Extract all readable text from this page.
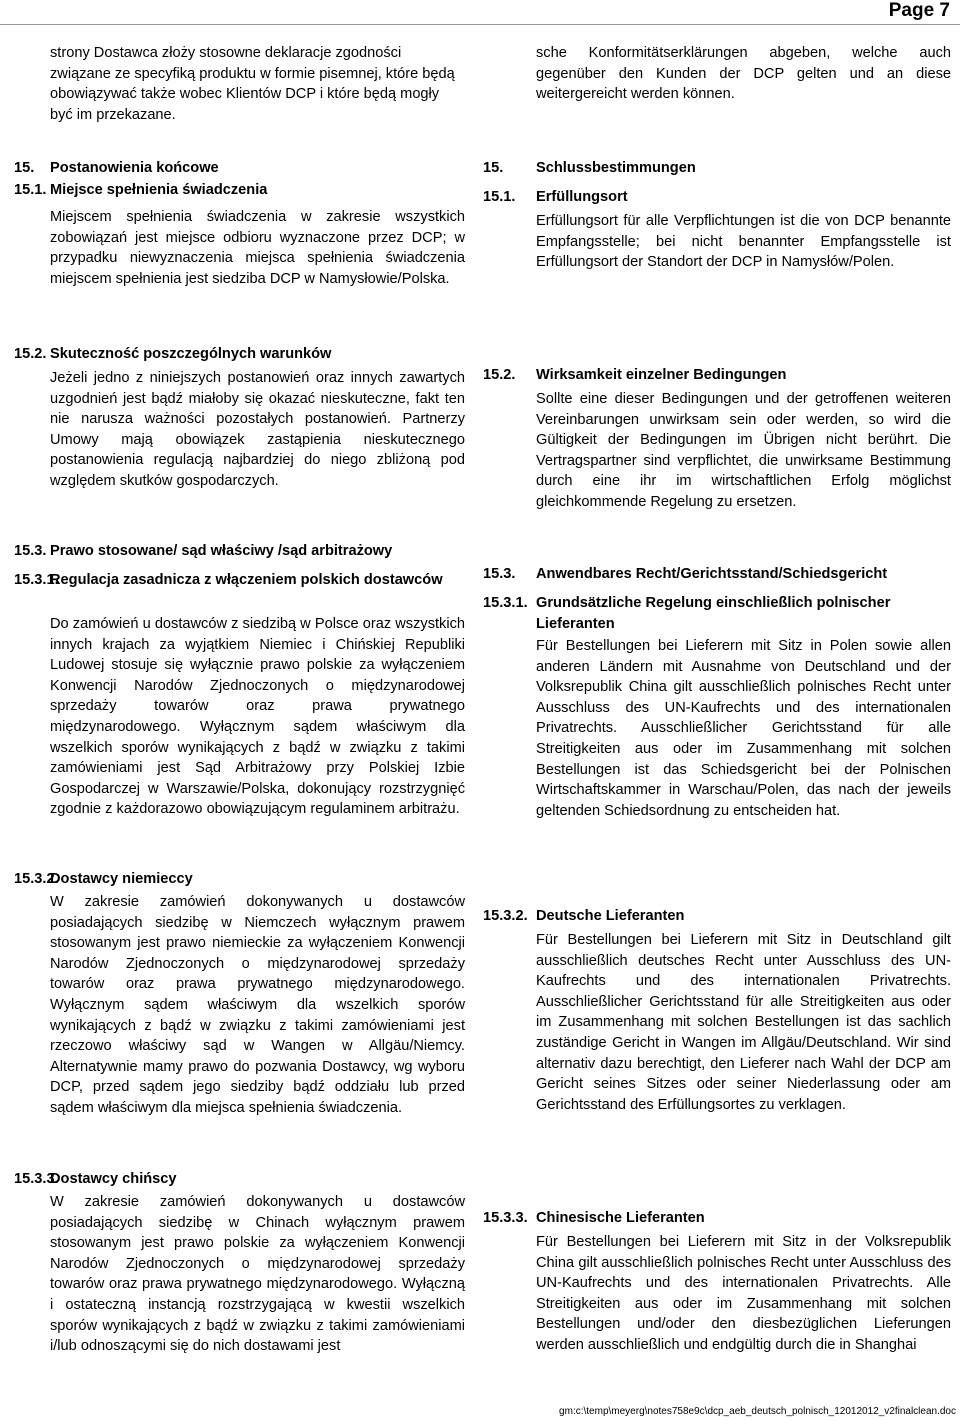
Page 7

strony Dostawca złoży stosowne deklaracje zgodności związane ze specyfiką produktu w formie pisemnej, które będą obowiązywać także wobec Klientów DCP i które będą mogły być im przekazane.

sche Konformitätserklärungen abgeben, welche auch gegenüber den Kunden der DCP gelten und an diese weitergereicht werden können.

15. Postanowienia końcowe	15. Schlussbestimmungen

15.1. Miejsce spełnienia świadczenia

Miejscem spełnienia świadczenia w zakresie wszystkich zobowiązań jest miejsce odbioru wyznaczone przez DCP; w przypadku niewyznaczenia miejsca spełnienia świadczenia miejscem spełnienia jest siedziba DCP w Namysłowie/Polska.

15.1. Erfüllungsort

Erfüllungsort für alle Verpflichtungen ist die von DCP benannte Empfangsstelle; bei nicht benannter Empfangsstelle ist Erfüllungsort der Standort der DCP in Namysłów/Polen.

15.2. Skuteczność poszczególnych warunków

Jeżeli jedno z niniejszych postanowień oraz innych zawartych uzgodnień jest bądź miałoby się okazać nieskuteczne, fakt ten nie narusza ważności pozostałych postanowień. Partnerzy Umowy mają obowiązek zastąpienia nieskutecznego postanowienia regulacją najbardziej do niego zbliżoną pod względem skutków gospodarczych.

15.2. Wirksamkeit einzelner Bedingungen

Sollte eine dieser Bedingungen und der getroffenen weiteren Vereinbarungen unwirksam sein oder werden, so wird die Gültigkeit der Bedingungen im Übrigen nicht berührt. Die Vertragspartner sind verpflichtet, die unwirksame Bestimmung durch eine ihr im wirtschaftlichen Erfolg möglichst gleichkommende Regelung zu ersetzen.

15.3. Prawo stosowane/ sąd właściwy /sąd arbitrażowy

15.3. Anwendbares Recht/Gerichtsstand/Schiedsgericht

15.3.1.

Regulacja zasadnicza z włączeniem polskich dostawców

Do zamówień u dostawców z siedzibą w Polsce oraz wszystkich innych krajach za wyjątkiem Niemiec i Chińskiej Republiki Ludowej stosuje się wyłącznie prawo polskie za wyłączeniem Konwencji Narodów Zjednoczonych o międzynarodowej sprzedaży towarów oraz prawa prywatnego międzynarodowego. Wyłącznym sądem właściwym dla wszelkich sporów wynikających z bądź w związku z takimi zamówieniami jest Sąd Arbitrażowy przy Polskiej Izbie Gospodarczej w Warszawie/Polska, dokonujący rozstrzygnięć zgodnie z każdorazowo obowiązującym regulaminem arbitrażu.

15.3.1. Grundsätzliche Regelung einschließlich polnischer Lieferanten

Für Bestellungen bei Lieferern mit Sitz in Polen sowie allen anderen Ländern mit Ausnahme von Deutschland und der Volksrepublik China gilt ausschließlich polnisches Recht unter Ausschluss des UN-Kaufrechts und des internationalen Privatrechts. Ausschließlicher Gerichtsstand für alle Streitigkeiten aus oder im Zusammenhang mit solchen Bestellungen ist das Schiedsgericht bei der Polnischen Wirtschaftskammer in Warschau/Polen, das nach der jeweils geltenden Schiedsordnung zu entscheiden hat.

15.3.2.

Dostawcy niemieccy

W zakresie zamówień dokonywanych u dostawców posiadających siedzibę w Niemczech wyłącznym prawem stosowanym jest prawo niemieckie za wyłączeniem Konwencji Narodów Zjednoczonych o międzynarodowej sprzedaży towarów oraz prawa prywatnego międzynarodowego. Wyłącznym sądem właściwym dla wszelkich sporów wynikających z bądź w związku z takimi zamówieniami jest rzeczowo właściwy sąd w Wangen w Allgäu/Niemcy. Alternatywnie mamy prawo do pozwania Dostawcy, wg wyboru DCP, przed sądem jego siedziby bądź oddziału lub przed sądem właściwym dla miejsca spełnienia świadczenia.

15.3.2. Deutsche Lieferanten

Für Bestellungen bei Lieferern mit Sitz in Deutschland gilt ausschließlich deutsches Recht unter Ausschluss des UN-Kaufrechts und des internationalen Privatrechts. Ausschließlicher Gerichtsstand für alle Streitigkeiten aus oder im Zusammenhang mit solchen Bestellungen ist das sachlich zuständige Gericht in Wangen im Allgäu/Deutschland. Wir sind alternativ dazu berechtigt, den Lieferer nach Wahl der DCP am Gericht seines Sitzes oder seiner Niederlassung oder am Gerichtsstand des Erfüllungsortes zu verklagen.

15.3.3.

Dostawcy chińscy

W zakresie zamówień dokonywanych u dostawców posiadających siedzibę w Chinach wyłącznym prawem stosowanym jest prawo polskie za wyłączeniem Konwencji Narodów Zjednoczonych o międzynarodowej sprzedaży towarów oraz prawa prywatnego międzynarodowego. Wyłączną i ostateczną instancją rozstrzygającą w kwestii wszelkich sporów wynikających z bądź w związku z takimi zamówieniami i/lub odnoszącymi się do nich dostawami jest

15.3.3. Chinesische Lieferanten

Für Bestellungen bei Lieferern mit Sitz in der Volksrepublik China gilt ausschließlich polnisches Recht unter Ausschluss des UN-Kaufrechts und des internationalen Privatrechts. Alle Streitigkeiten aus oder im Zusammenhang mit solchen Bestellungen und/oder den diesbezüglichen Lieferungen werden ausschließlich und endgültig durch die in Shanghai

gm:c:\temp\meyerg\notes758e9c\dcp_aeb_deutsch_polnisch_12012012_v2finalclean.doc
